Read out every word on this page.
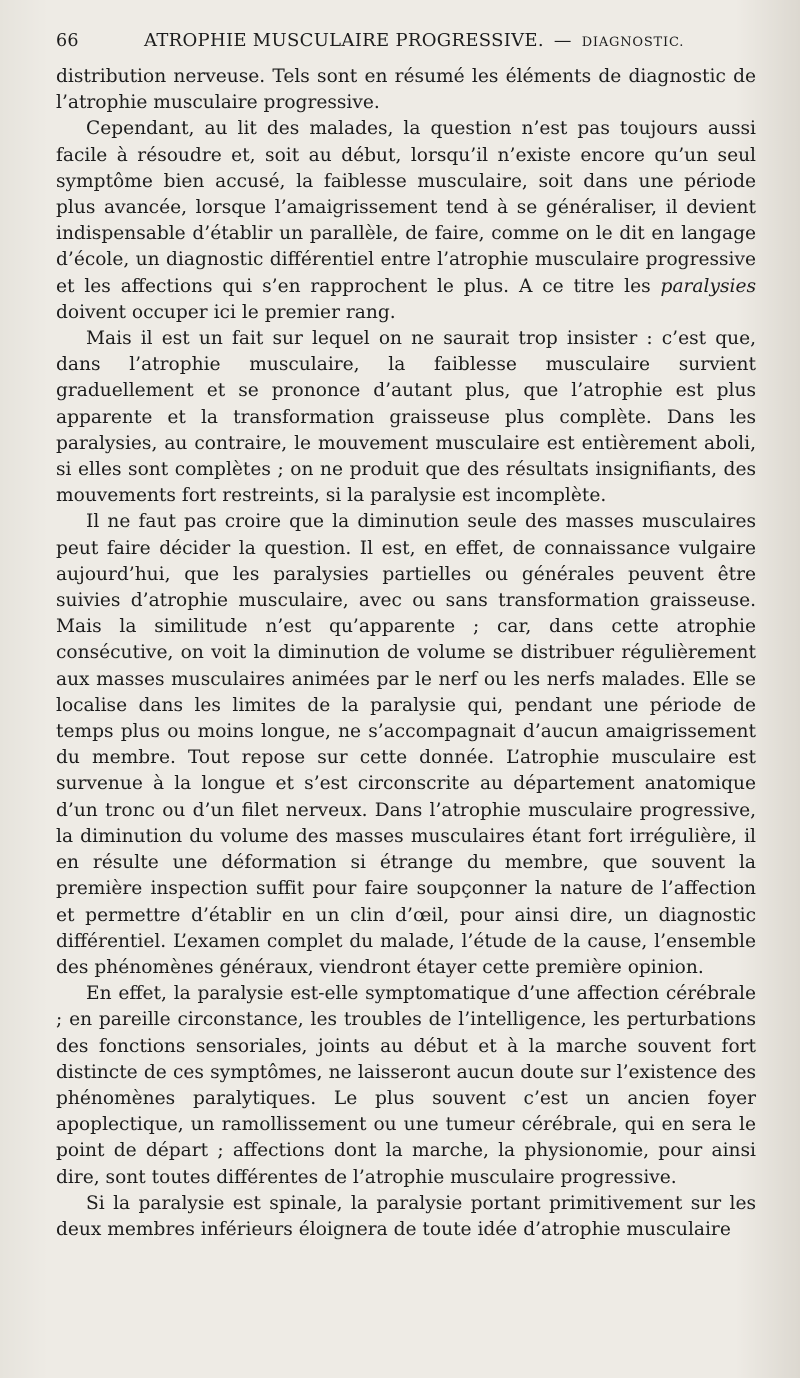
66	ATROPHIE MUSCULAIRE PROGRESSIVE. — DIAGNOSTIC.

distribution nerveuse. Tels sont en résumé les éléments de diagnostic de l’atrophie musculaire progressive.

Cependant, au lit des malades, la question n’est pas toujours aussi facile à résoudre et, soit au début, lorsqu’il n’existe encore qu’un seul symptôme bien accusé, la faiblesse musculaire, soit dans une période plus avancée, lorsque l’amaigrissement tend à se généraliser, il devient indispensable d’établir un parallèle, de faire, comme on le dit en langage d’école, un diagnostic différentiel entre l’atrophie musculaire progressive et les affections qui s’en rapprochent le plus. A ce titre les paralysies doivent occuper ici le premier rang.

Mais il est un fait sur lequel on ne saurait trop insister : c’est que, dans l’atrophie musculaire, la faiblesse musculaire survient graduellement et se prononce d’autant plus, que l’atrophie est plus apparente et la transformation graisseuse plus complète. Dans les paralysies, au contraire, le mouvement musculaire est entièrement aboli, si elles sont complètes ; on ne produit que des résultats insignifiants, des mouvements fort restreints, si la paralysie est incomplète.

Il ne faut pas croire que la diminution seule des masses musculaires peut faire décider la question. Il est, en effet, de connaissance vulgaire aujourd’hui, que les paralysies partielles ou générales peuvent être suivies d’atrophie musculaire, avec ou sans transformation graisseuse. Mais la similitude n’est qu’apparente ; car, dans cette atrophie consécutive, on voit la diminution de volume se distribuer régulièrement aux masses musculaires animées par le nerf ou les nerfs malades. Elle se localise dans les limites de la paralysie qui, pendant une période de temps plus ou moins longue, ne s’accompagnait d’aucun amaigrissement du membre. Tout repose sur cette donnée. L’atrophie musculaire est survenue à la longue et s’est circonscrite au département anatomique d’un tronc ou d’un filet nerveux. Dans l’atrophie musculaire progressive, la diminution du volume des masses musculaires étant fort irrégulière, il en résulte une déformation si étrange du membre, que souvent la première inspection suffit pour faire soupçonner la nature de l’affection et permettre d’établir en un clin d’œil, pour ainsi dire, un diagnostic différentiel. L’examen complet du malade, l’étude de la cause, l’ensemble des phénomènes généraux, viendront étayer cette première opinion.

En effet, la paralysie est-elle symptomatique d’une affection cérébrale ; en pareille circonstance, les troubles de l’intelligence, les perturbations des fonctions sensoriales, joints au début et à la marche souvent fort distincte de ces symptômes, ne laisseront aucun doute sur l’existence des phénomènes paralytiques. Le plus souvent c’est un ancien foyer apoplectique, un ramollissement ou une tumeur cérébrale, qui en sera le point de départ ; affections dont la marche, la physionomie, pour ainsi dire, sont toutes différentes de l’atrophie musculaire progressive.

Si la paralysie est spinale, la paralysie portant primitivement sur les deux membres inférieurs éloignera de toute idée d’atrophie musculaire
